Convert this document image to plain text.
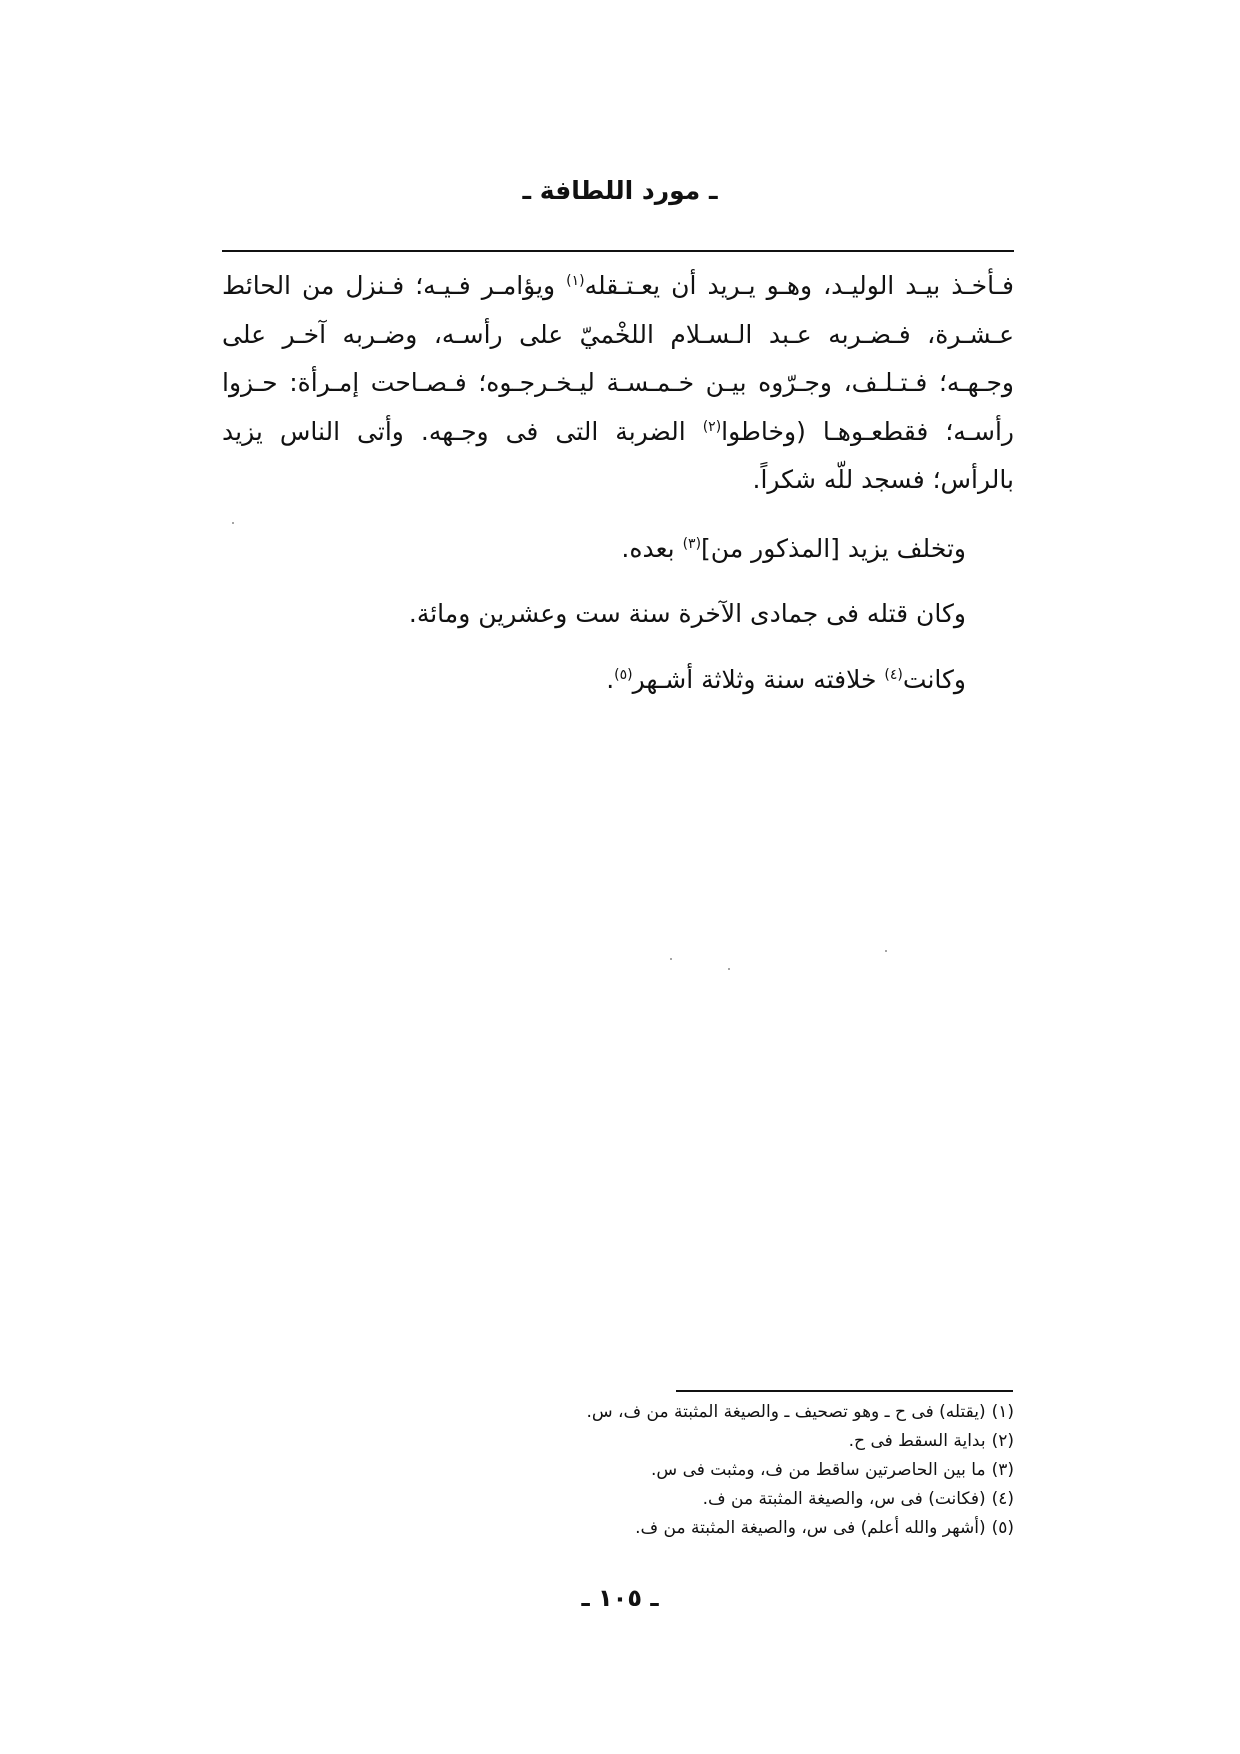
ـ مورد اللطافة ـ

فـأخـذ بيـد الوليـد، وهـو يـريد أن يعـتـقله$^{(١)}$ ويؤامـر فـيـه؛ فـنزل من الحائط عـشـرة، فـضـربه عـبد الـسـلام اللخْميّ على رأسـه، وضـربه آخـر على وجـهـه؛ فـتـلـف، وجـرّوه بيـن خـمـسـة ليـخـرجـوه؛ فـصـاحت إمـرأة: حـزوا رأسـه؛ فقطعـوهـا (وخاطوا$^{(٢)}$ الضربة التى فى وجـهه. وأتى الناس يزيد بالرأس؛ فسجد للّه شكراً.

وتخلف يزيد [المذكور من]$^{(٣)}$ بعده.

وكان قتله فى جمادى الآخرة سنة ست وعشرين ومائة.

وكانت$^{(٤)}$ خلافته سنة وثلاثة أشـهر$^{(٥)}$.

(١)(يقتله) فى ح ـ وهو تصحيف ـ والصيغة المثبتة من ف، س.
(٢)بداية السقط فى ح.
(٣)ما بين الحاصرتين ساقط من ف، ومثبت فى س.
(٤)(فكانت) فى س، والصيغة المثبتة من ف.
(٥)(أشهر والله أعلم) فى س، والصيغة المثبتة من ف.
ـ ١٠٥ ـ
